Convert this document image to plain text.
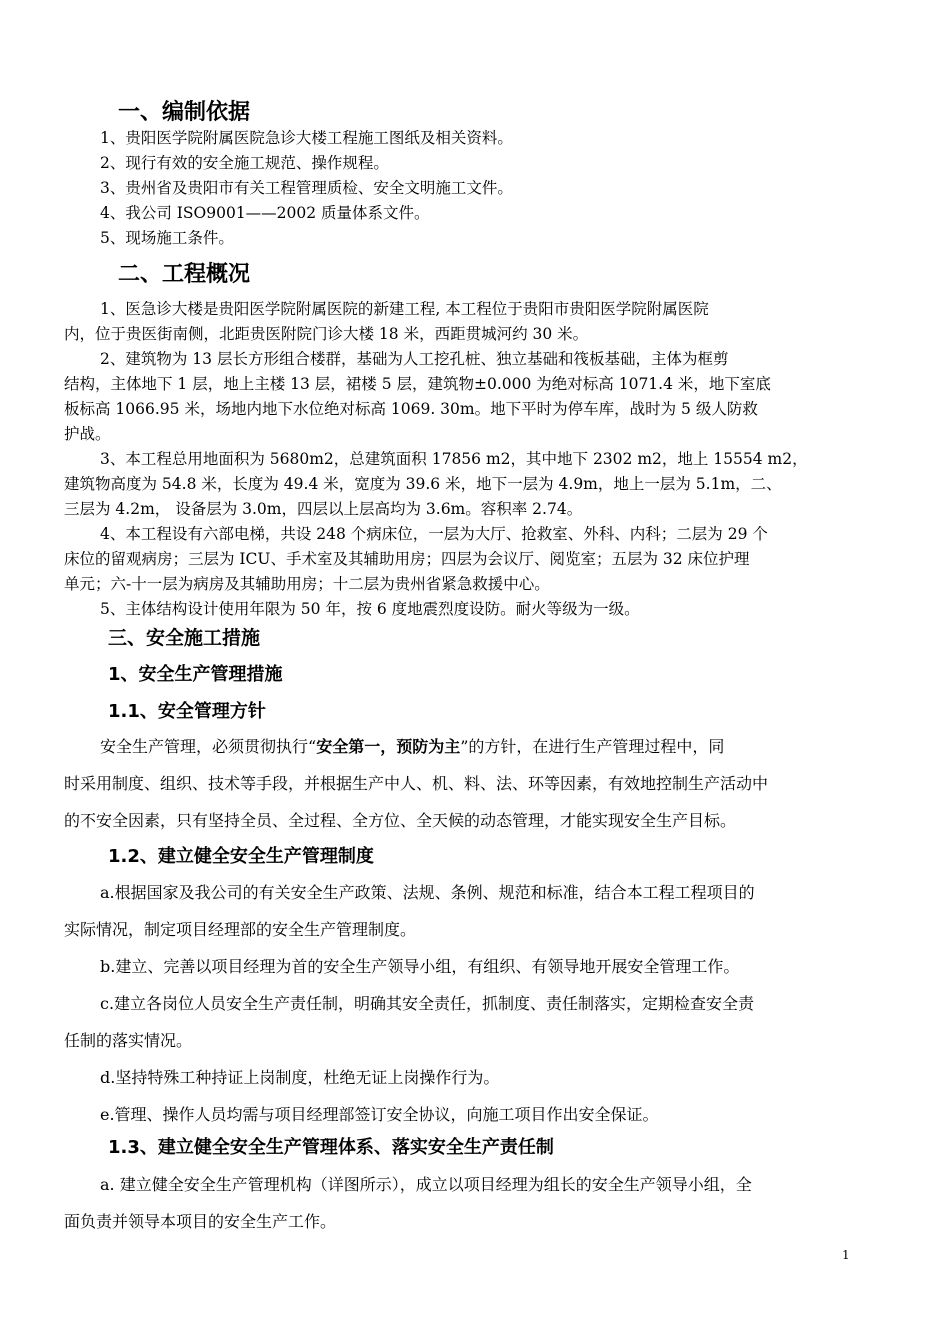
一、编制依据
1、贵阳医学院附属医院急诊大楼工程施工图纸及相关资料。
2、现行有效的安全施工规范、操作规程。
3、贵州省及贵阳市有关工程管理质检、安全文明施工文件。
4、我公司 ISO9001——2002 质量体系文件。
5、现场施工条件。
二、工程概况
1、医急诊大楼是贵阳医学院附属医院的新建工程, 本工程位于贵阳市贵阳医学院附属医院
内，位于贵医街南侧，北距贵医附院门诊大楼 18 米，西距贯城河约 30 米。
2、建筑物为 13 层长方形组合楼群，基础为人工挖孔桩、独立基础和筏板基础，主体为框剪
结构，主体地下 1 层，地上主楼 13 层，裙楼 5 层，建筑物±0.000 为绝对标高 1071.4 米，地下室底
板标高 1066.95 米，场地内地下水位绝对标高 1069. 30m。地下平时为停车库，战时为 5 级人防救
护战。
3、本工程总用地面积为 5680m2，总建筑面积 17856 m2，其中地下 2302 m2，地上 15554 m2，
建筑物高度为 54.8 米，长度为 49.4 米，宽度为 39.6 米，地下一层为 4.9m，地上一层为 5.1m，二、
三层为 4.2m， 设备层为 3.0m，四层以上层高均为 3.6m。容积率 2.74。
4、本工程设有六部电梯，共设 248 个病床位，一层为大厅、抢救室、外科、内科；二层为 29 个
床位的留观病房；三层为 ICU、手术室及其辅助用房；四层为会议厅、阅览室；五层为 32 床位护理
单元；六-十一层为病房及其辅助用房；十二层为贵州省紧急救援中心。
5、主体结构设计使用年限为 50 年，按 6 度地震烈度设防。耐火等级为一级。
三、安全施工措施
1、安全生产管理措施
1.1、安全管理方针
安全生产管理，必须贯彻执行“安全第一，预防为主”的方针，在进行生产管理过程中，同
时采用制度、组织、技术等手段，并根据生产中人、机、料、法、环等因素，有效地控制生产活动中
的不安全因素，只有坚持全员、全过程、全方位、全天候的动态管理，才能实现安全生产目标。
1.2、建立健全安全生产管理制度
a.根据国家及我公司的有关安全生产政策、法规、条例、规范和标准，结合本工程工程项目的
实际情况，制定项目经理部的安全生产管理制度。
b.建立、完善以项目经理为首的安全生产领导小组，有组织、有领导地开展安全管理工作。
c.建立各岗位人员安全生产责任制，明确其安全责任，抓制度、责任制落实，定期检查安全责
任制的落实情况。
d.坚持特殊工种持证上岗制度，杜绝无证上岗操作行为。
e.管理、操作人员均需与项目经理部签订安全协议，向施工项目作出安全保证。
1.3、建立健全安全生产管理体系、落实安全生产责任制
a. 建立健全安全生产管理机构（详图所示），成立以项目经理为组长的安全生产领导小组，全
面负责并领导本项目的安全生产工作。
1
